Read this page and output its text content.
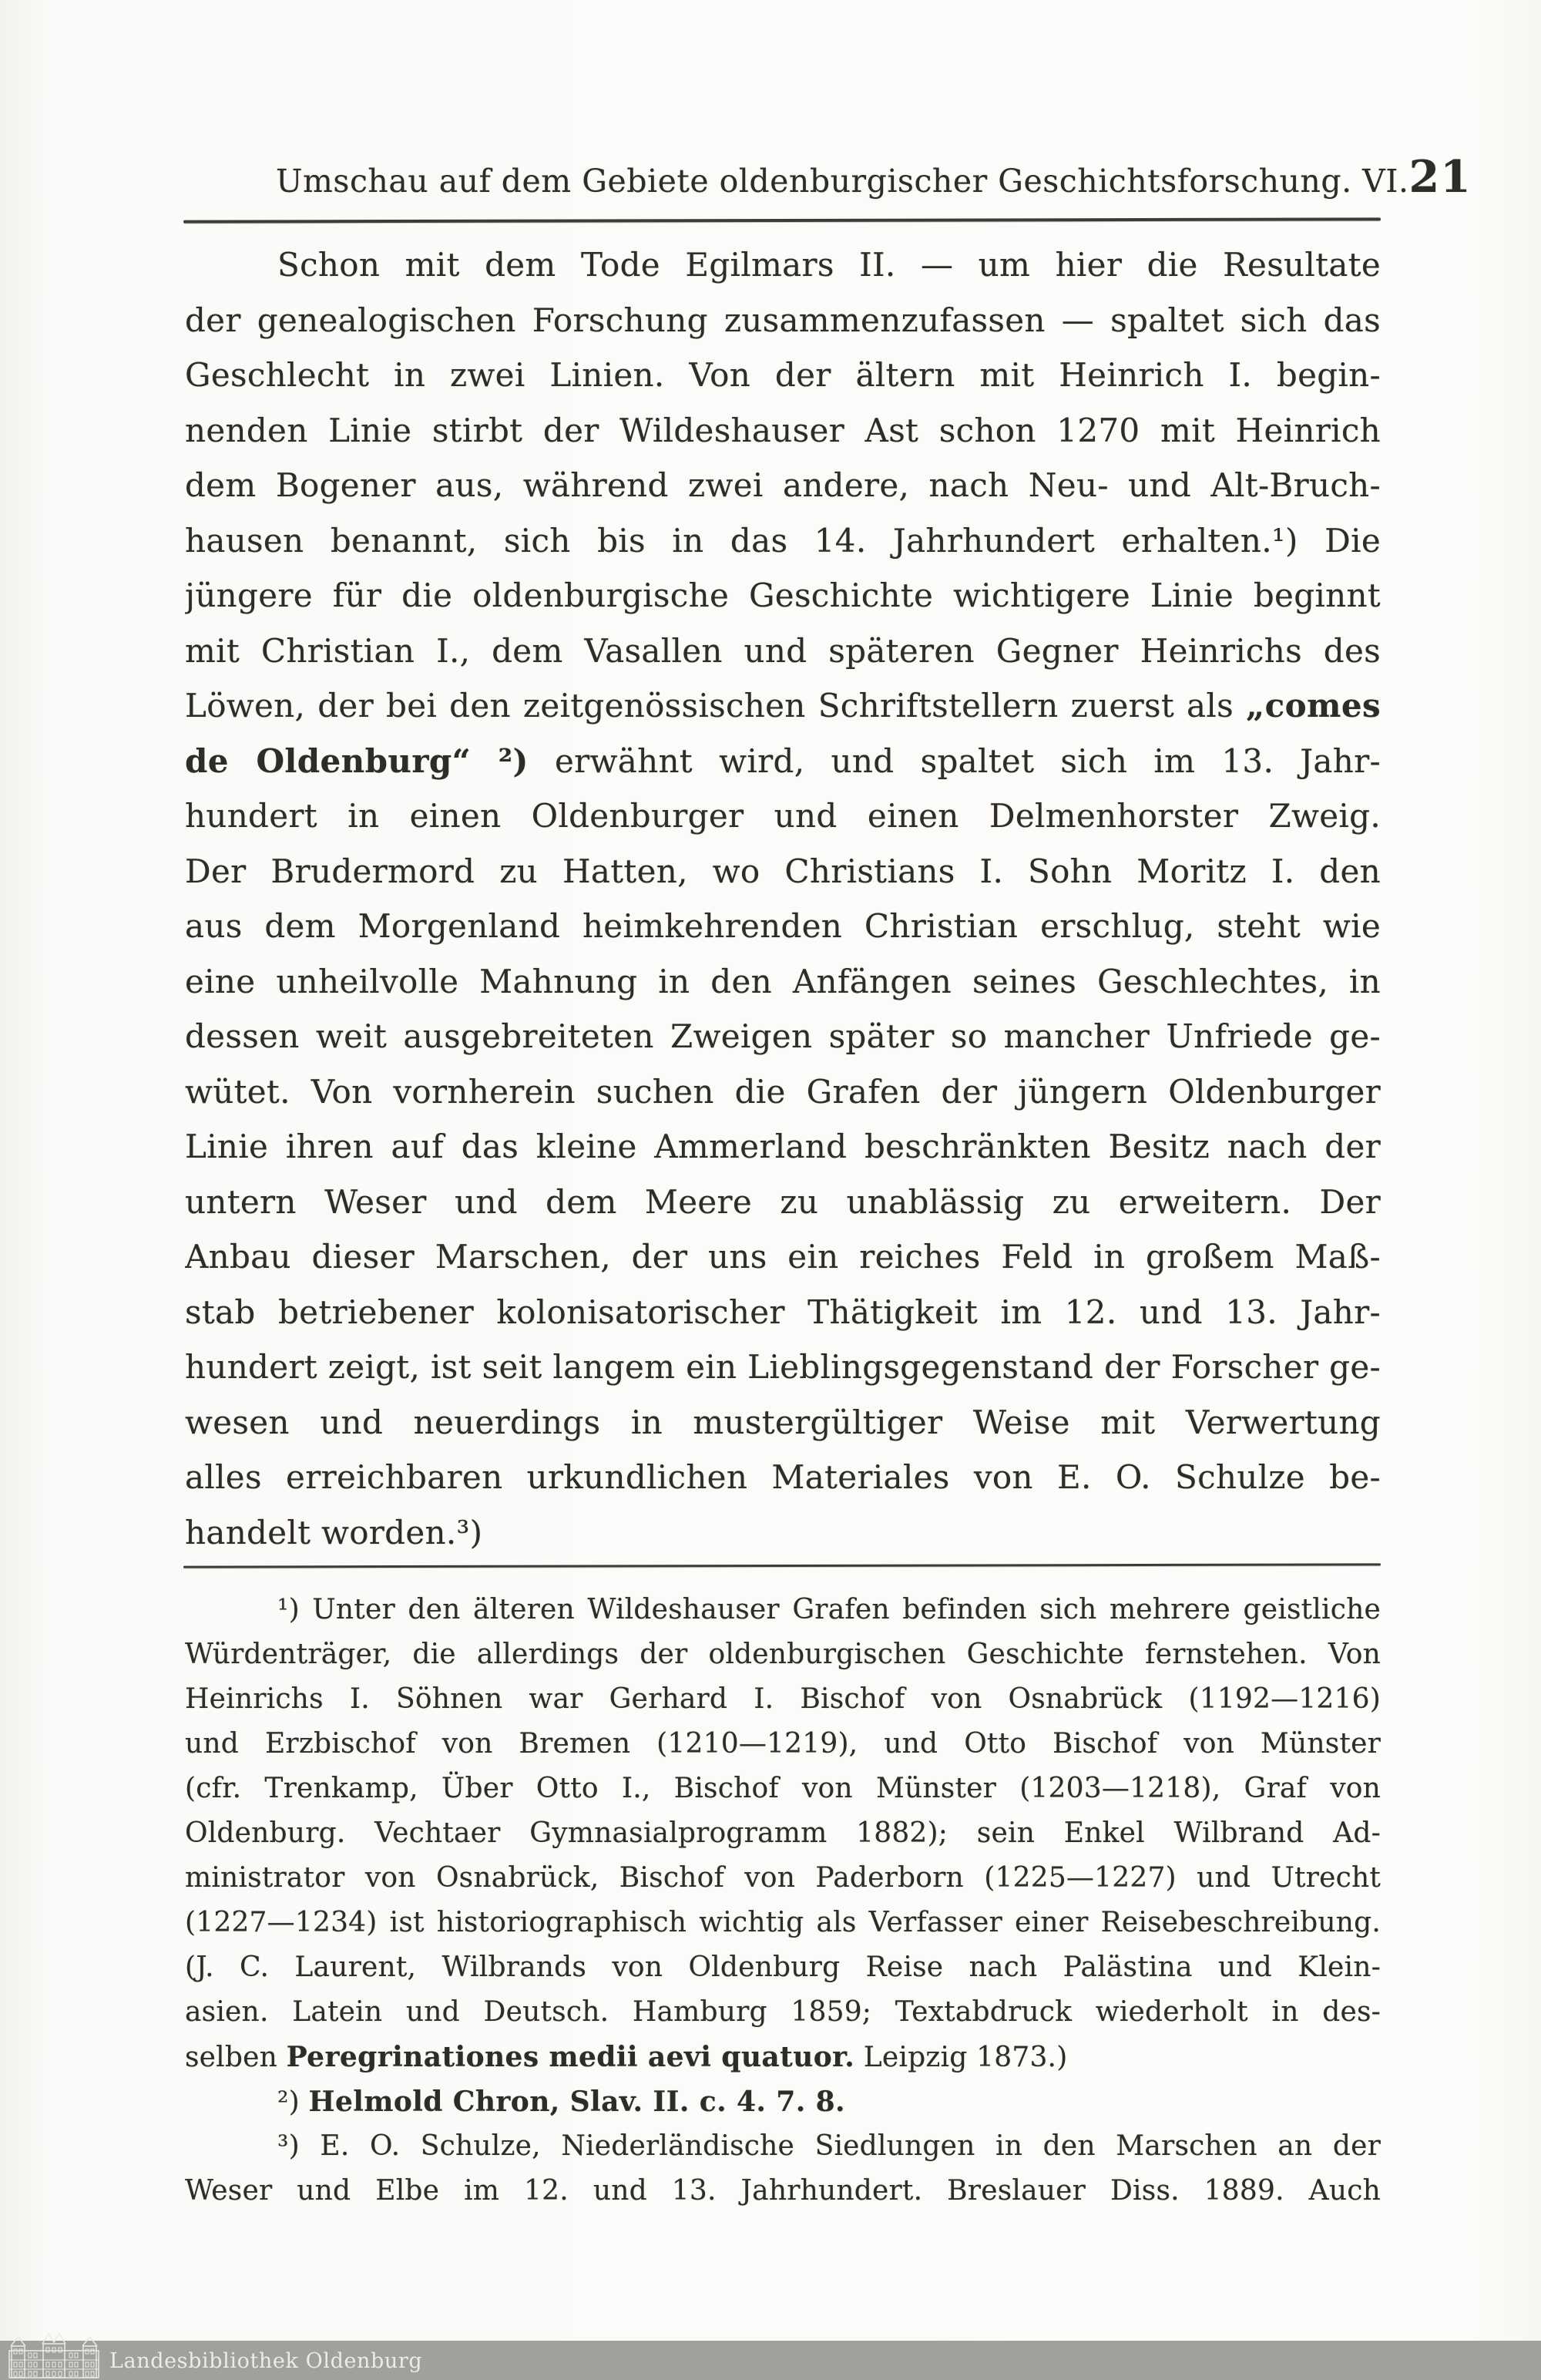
Umschau auf dem Gebiete oldenburgischer Geschichtsforschung. VI. 21
Schon mit dem Tode Egilmars II. — um hier die Resultate
der genealogischen Forschung zusammenzufassen — spaltet sich das
Geschlecht in zwei Linien. Von der ältern mit Heinrich I. begin-
nenden Linie stirbt der Wildeshauser Ast schon 1270 mit Heinrich
dem Bogener aus, während zwei andere, nach Neu- und Alt-Bruch-
hausen benannt, sich bis in das 14. Jahrhundert erhalten.¹) Die
jüngere für die oldenburgische Geschichte wichtigere Linie beginnt
mit Christian I., dem Vasallen und späteren Gegner Heinrichs des
Löwen, der bei den zeitgenössischen Schriftstellern zuerst als „comes
de Oldenburg“ ²) erwähnt wird, und spaltet sich im 13. Jahr-
hundert in einen Oldenburger und einen Delmenhorster Zweig.
Der Brudermord zu Hatten, wo Christians I. Sohn Moritz I. den
aus dem Morgenland heimkehrenden Christian erschlug, steht wie
eine unheilvolle Mahnung in den Anfängen seines Geschlechtes, in
dessen weit ausgebreiteten Zweigen später so mancher Unfriede ge-
wütet. Von vornherein suchen die Grafen der jüngern Oldenburger
Linie ihren auf das kleine Ammerland beschränkten Besitz nach der
untern Weser und dem Meere zu unablässig zu erweitern. Der
Anbau dieser Marschen, der uns ein reiches Feld in großem Maß-
stab betriebener kolonisatorischer Thätigkeit im 12. und 13. Jahr-
hundert zeigt, ist seit langem ein Lieblingsgegenstand der Forscher ge-
wesen und neuerdings in mustergültiger Weise mit Verwertung
alles erreichbaren urkundlichen Materiales von E. O. Schulze be-
handelt worden.³)
¹) Unter den älteren Wildeshauser Grafen befinden sich mehrere geistliche
Würdenträger, die allerdings der oldenburgischen Geschichte fernstehen. Von
Heinrichs I. Söhnen war Gerhard I. Bischof von Osnabrück (1192—1216)
und Erzbischof von Bremen (1210—1219), und Otto Bischof von Münster
(cfr. Trenkamp, Über Otto I., Bischof von Münster (1203—1218), Graf von
Oldenburg. Vechtaer Gymnasialprogramm 1882); sein Enkel Wilbrand Ad-
ministrator von Osnabrück, Bischof von Paderborn (1225—1227) und Utrecht
(1227—1234) ist historiographisch wichtig als Verfasser einer Reisebeschreibung.
(J. C. Laurent, Wilbrands von Oldenburg Reise nach Palästina und Klein-
asien. Latein und Deutsch. Hamburg 1859; Textabdruck wiederholt in des-
selben Peregrinationes medii aevi quatuor. Leipzig 1873.)
²) Helmold Chron, Slav. II. c. 4. 7. 8.
³) E. O. Schulze, Niederländische Siedlungen in den Marschen an der
Weser und Elbe im 12. und 13. Jahrhundert. Breslauer Diss. 1889. Auch
Landesbibliothek Oldenburg
